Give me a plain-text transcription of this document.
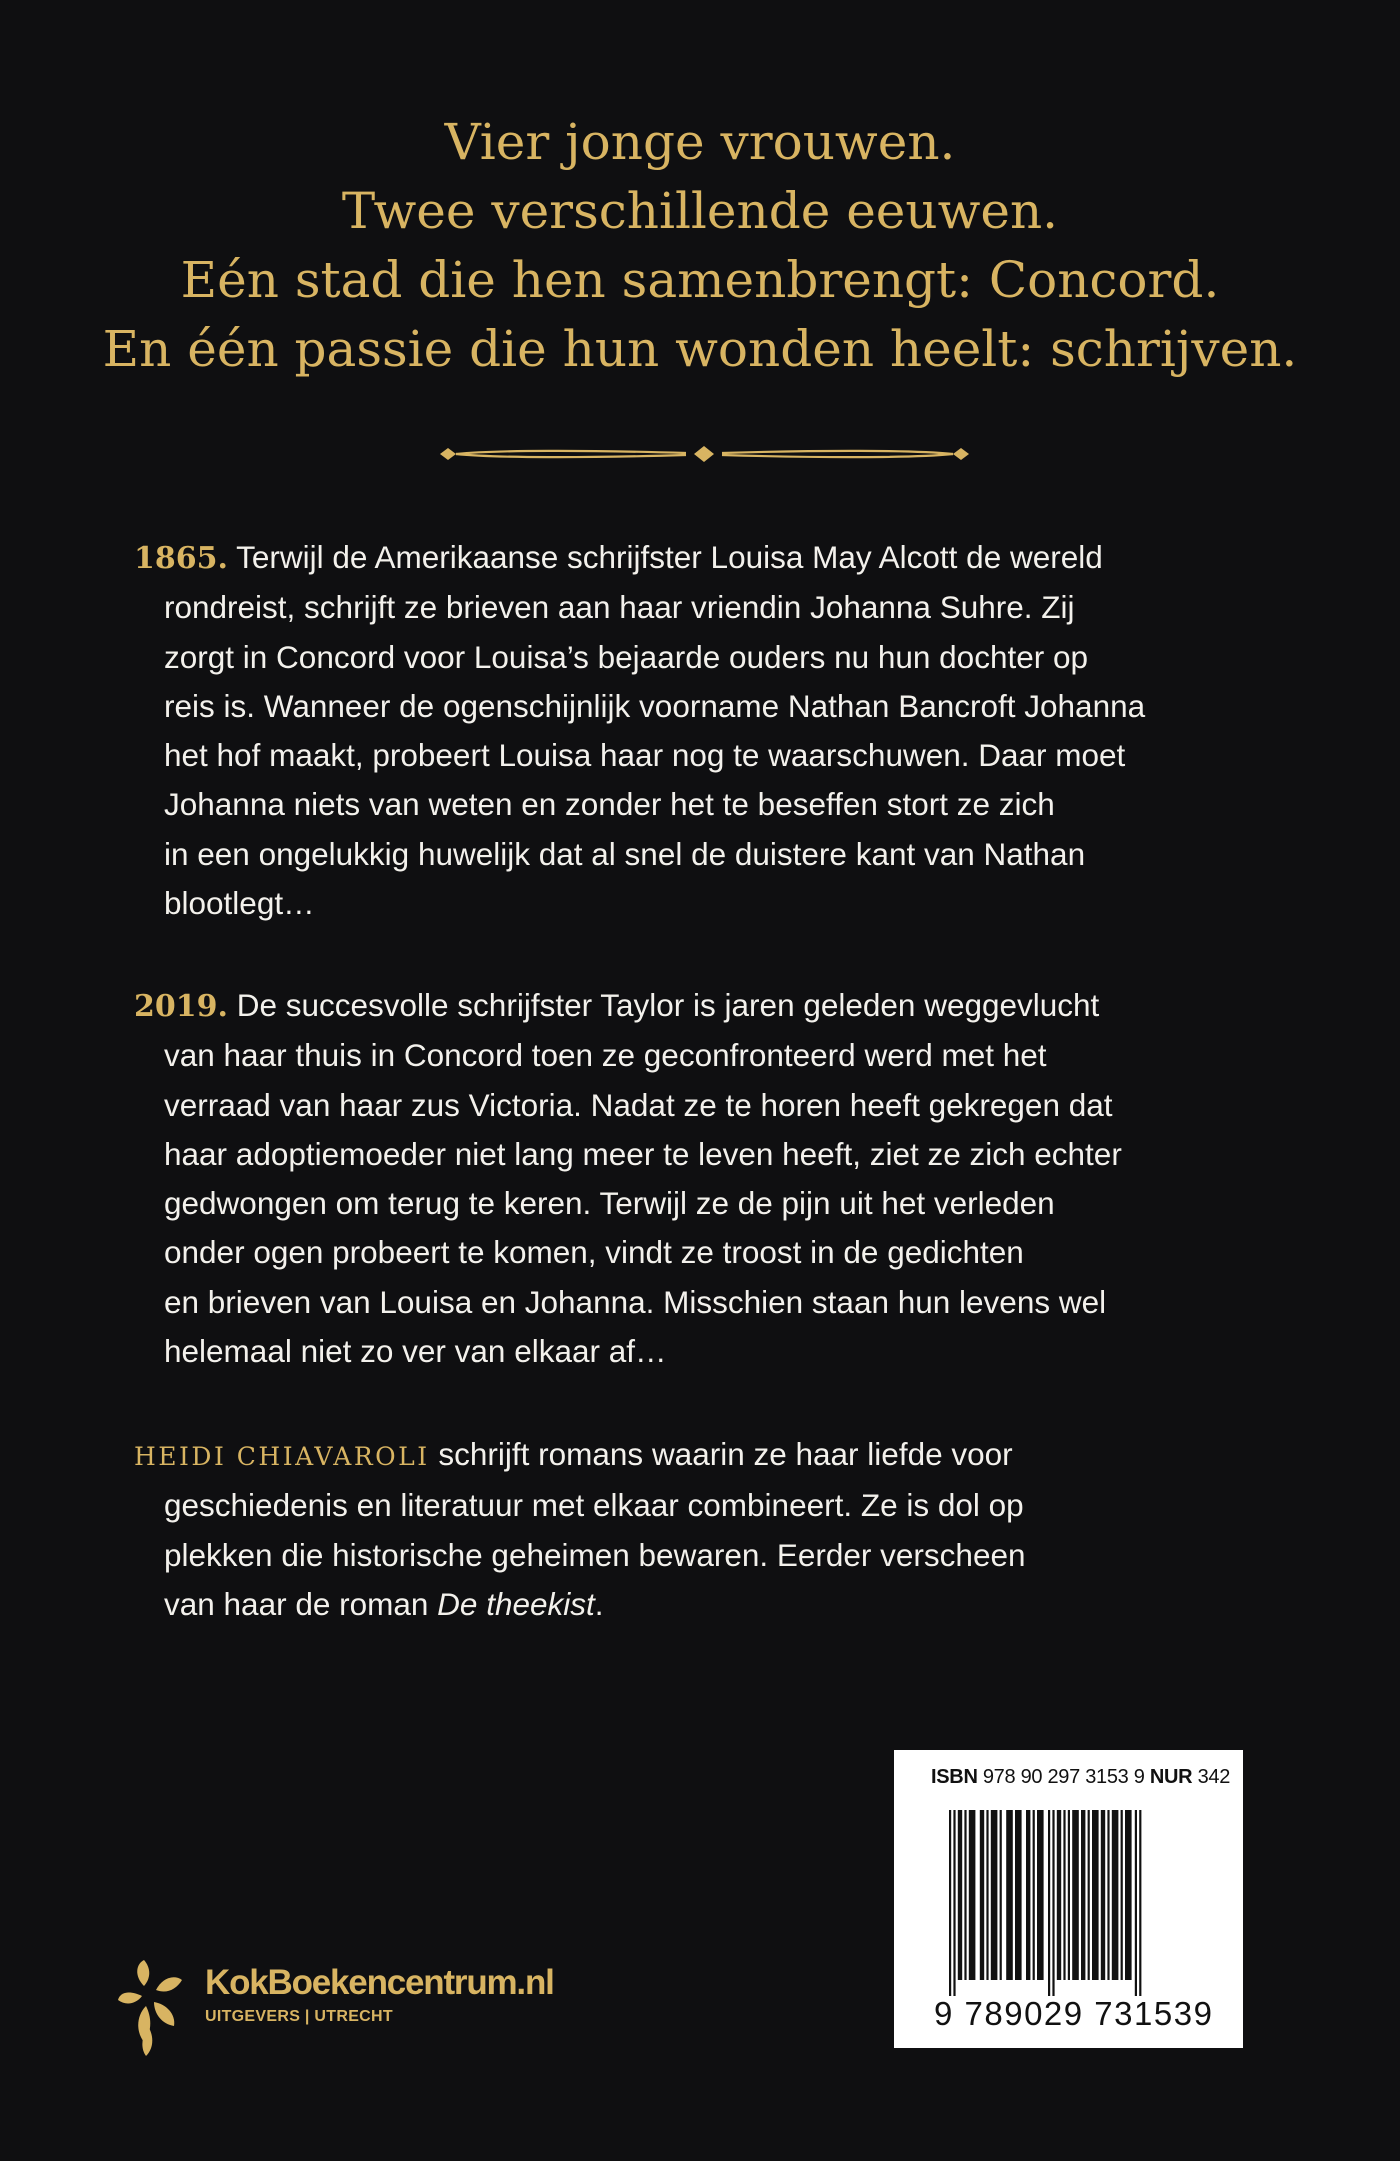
Vier jonge vrouwen.
Twee verschillende eeuwen.
Eén stad die hen samenbrengt: Concord.
En één passie die hun wonden heelt: schrijven.
1865. Terwijl de Amerikaanse schrijfster Louisa May Alcott de wereld
rondreist, schrijft ze brieven aan haar vriendin Johanna Suhre. Zij
zorgt in Concord voor Louisa’s bejaarde ouders nu hun dochter op
reis is. Wanneer de ogenschijnlijk voorname Nathan Bancroft Johanna
het hof maakt, probeert Louisa haar nog te waarschuwen. Daar moet
Johanna niets van weten en zonder het te beseffen stort ze zich
in een ongelukkig huwelijk dat al snel de duistere kant van Nathan
blootlegt…
2019. De succesvolle schrijfster Taylor is jaren geleden weggevlucht
van haar thuis in Concord toen ze geconfronteerd werd met het
verraad van haar zus Victoria. Nadat ze te horen heeft gekregen dat
haar adoptiemoeder niet lang meer te leven heeft, ziet ze zich echter
gedwongen om terug te keren. Terwijl ze de pijn uit het verleden
onder ogen probeert te komen, vindt ze troost in de gedichten
en brieven van Louisa en Johanna. Misschien staan hun levens wel
helemaal niet zo ver van elkaar af…
HEIDI CHIAVAROLI schrijft romans waarin ze haar liefde voor
geschiedenis en literatuur met elkaar combineert. Ze is dol op
plekken die historische geheimen bewaren. Eerder verscheen
van haar de roman De theekist.
ISBN 978 90 297 3153 9 NUR 342
9 789029 731539
KokBoekencentrum.nl
UITGEVERS | UTRECHT
